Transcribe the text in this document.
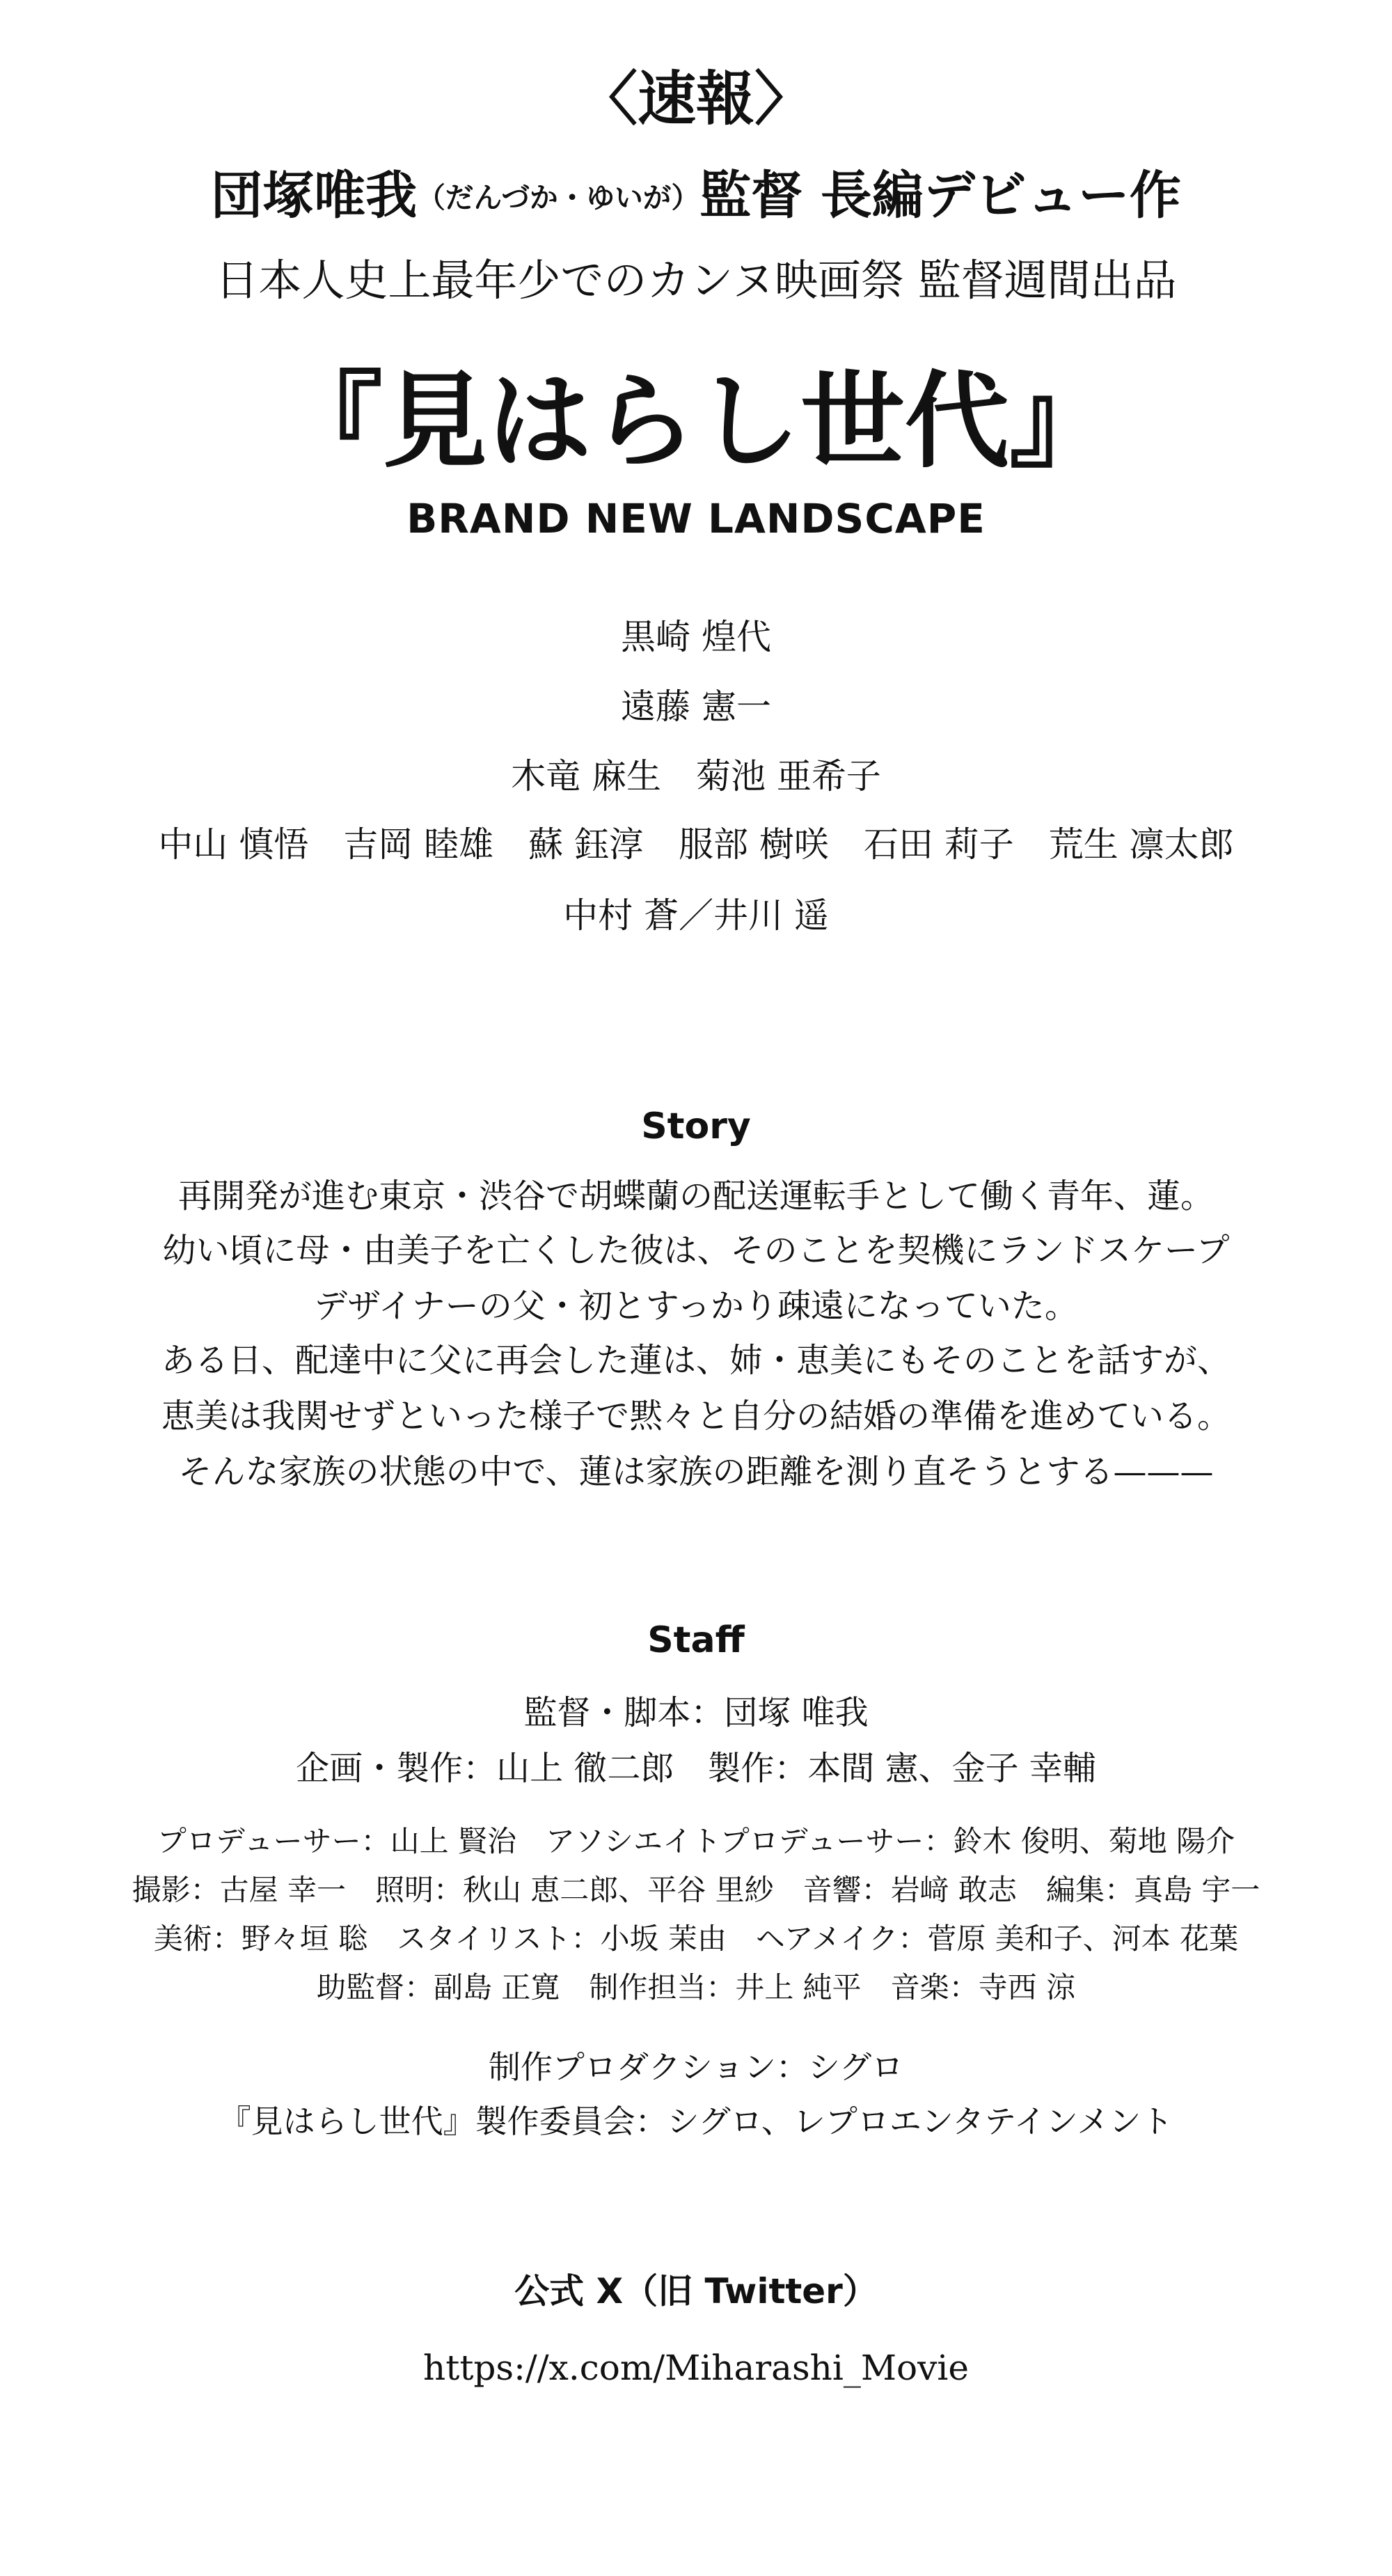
〈速報〉
団塚唯我（だんづか・ゆいが）監督 長編デビュー作
日本人史上最年少でのカンヌ映画祭 監督週間出品
『見はらし世代』
BRAND NEW LANDSCAPE
黒崎 煌代
遠藤 憲一
木竜 麻生　菊池 亜希子
中山 慎悟　吉岡 睦雄　蘇 鈺淳　服部 樹咲　石田 莉子　荒生 凛太郎
中村 蒼／井川 遥
Story
再開発が進む東京・渋谷で胡蝶蘭の配送運転手として働く青年、蓮。
幼い頃に母・由美子を亡くした彼は、そのことを契機にランドスケープ
デザイナーの父・初とすっかり疎遠になっていた。
ある日、配達中に父に再会した蓮は、姉・恵美にもそのことを話すが、
恵美は我関せずといった様子で黙々と自分の結婚の準備を進めている。
そんな家族の状態の中で、蓮は家族の距離を測り直そうとする———
Staff
監督・脚本：団塚 唯我
企画・製作：山上 徹二郎　製作：本間 憲、金子 幸輔
プロデューサー：山上 賢治　アソシエイトプロデューサー：鈴木 俊明、菊地 陽介
撮影：古屋 幸一　照明：秋山 恵二郎、平谷 里紗　音響：岩﨑 敢志　編集：真島 宇一
美術：野々垣 聡　スタイリスト：小坂 茉由　ヘアメイク：菅原 美和子、河本 花葉
助監督：副島 正寛　制作担当：井上 純平　音楽：寺西 涼
制作プロダクション：シグロ
『見はらし世代』製作委員会：シグロ、レプロエンタテインメント
公式 X（旧 Twitter）
https://x.com/Miharashi_Movie
